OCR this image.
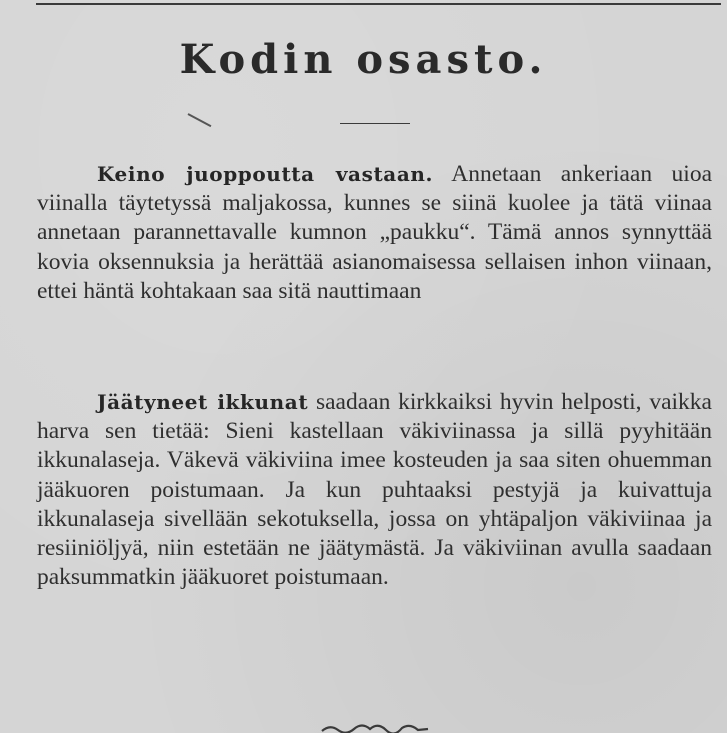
Kodin osasto.

Keino juoppoutta vastaan. Annetaan ankeriaan uioa viinalla täytetyssä maljakossa, kunnes se siinä kuolee ja tätä viinaa annetaan parannettavalle kumnon „paukku“. Tämä annos synnyttää kovia oksennuksia ja herättää asianomaisessa sellaisen inhon viinaan, ettei häntä kohtakaan saa sitä nauttimaan

Jäätyneet ikkunat saadaan kirkkaiksi hyvin helposti, vaikka harva sen tietää: Sieni kastellaan väkiviinassa ja sillä pyyhitään ikkunalaseja. Väkevä väkiviina imee kosteuden ja saa siten ohuemman jääkuoren poistumaan. Ja kun puhtaaksi pestyjä ja kuivattuja ikkunalaseja sivellään sekotuksella, jossa on yhtäpaljon väkiviinaa ja resiiniöljyä, niin estetään ne jäätymästä. Ja väkiviinan avulla saadaan paksummatkin jääkuoret poistumaan.
